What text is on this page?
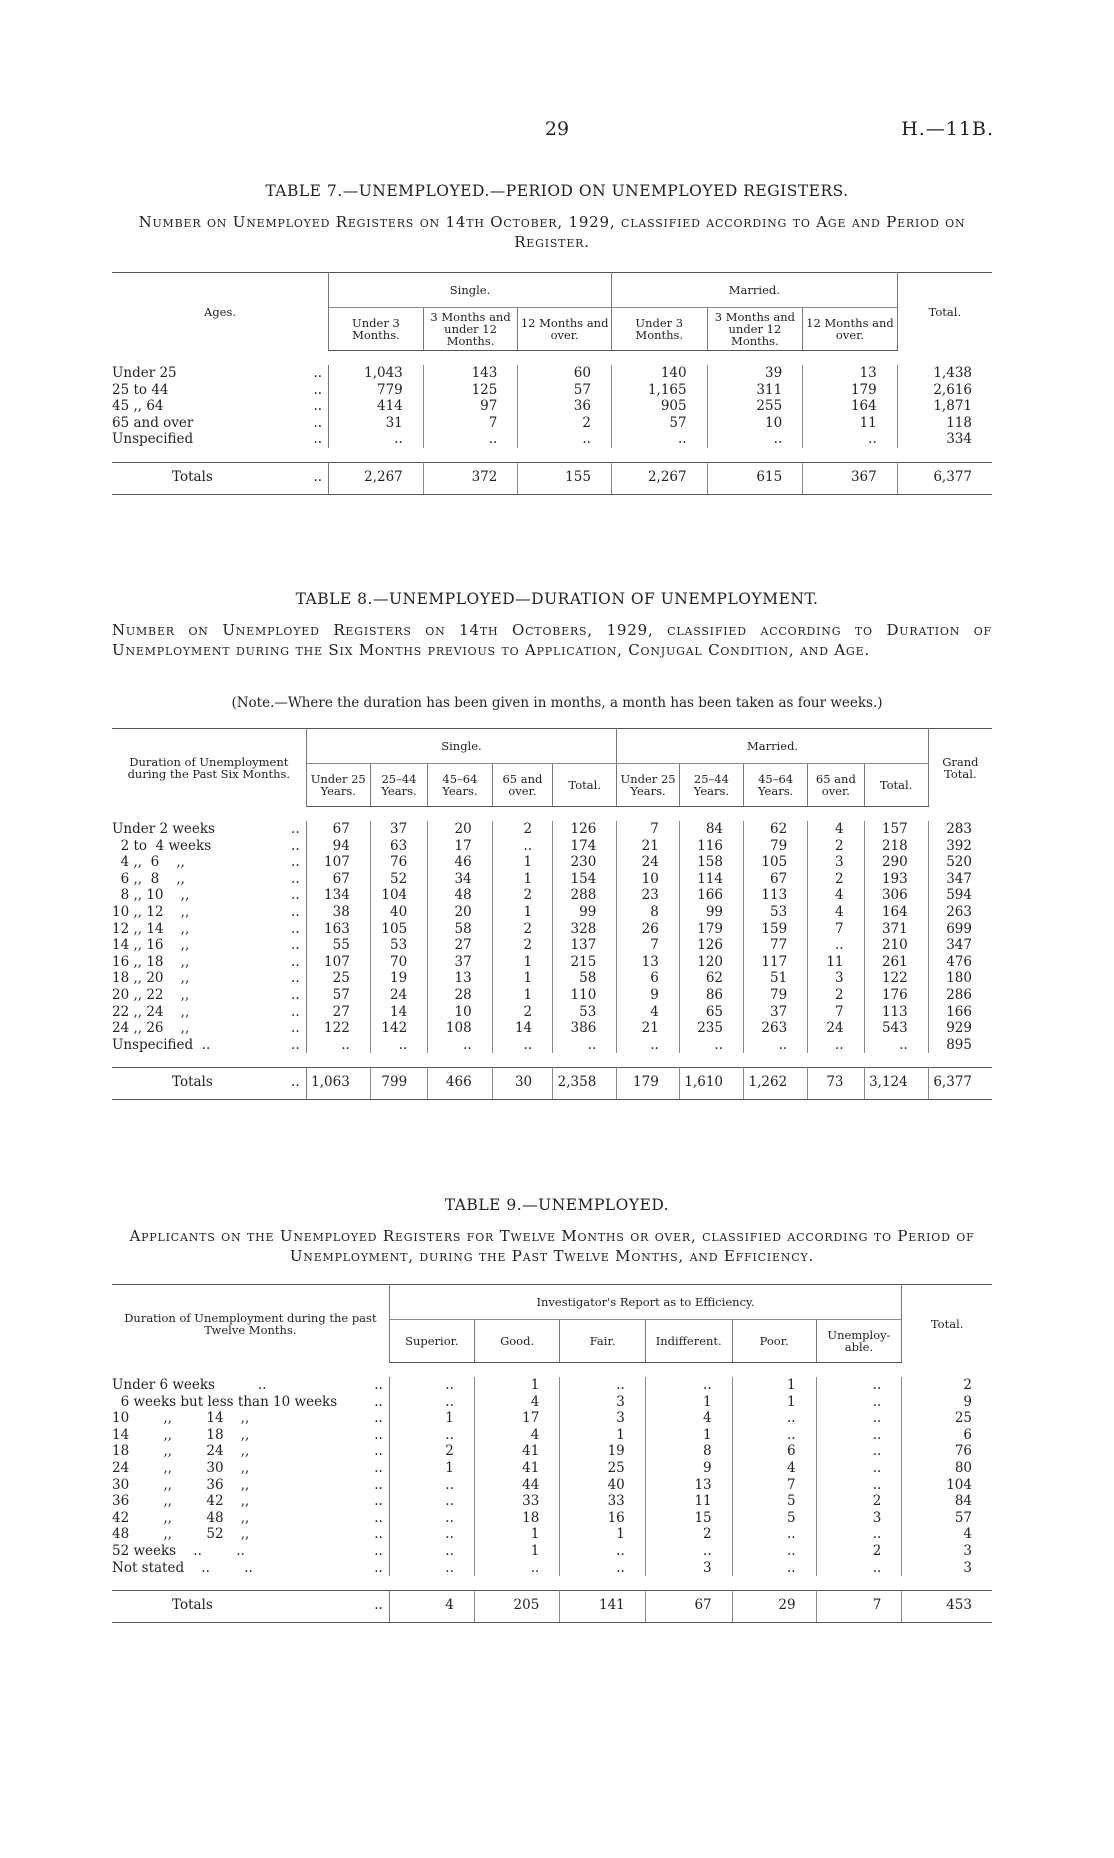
29	H.—11B.
TABLE 7.—UNEMPLOYED.—PERIOD ON UNEMPLOYED REGISTERS.
Number on Unemployed Registers on 14th October, 1929, classified according to Age and Period on Register.
Ages.		Single.			Married.			Total.
		Under 3 Months.	3 Months and under 12 Months.	12 Months and over.	Under 3 Months.	3 Months and under 12 Months.	12 Months and over.	

Under 25	..	1,043	143	60	140	39	13	1,438
25 to 44	..	779	125	57	1,165	311	179	2,616
45 ,, 64	..	414	97	36	905	255	164	1,871
65 and over	..	31	7	2	57	10	11	118
Unspecified	..	..	..	..	..	..	..	334

Totals	..	2,267	372	155	2,267	615	367	6,377
TABLE 8.—UNEMPLOYED—DURATION OF UNEMPLOYMENT.
Number on Unemployed Registers on 14th Octobers, 1929, classified according to Duration of Unemployment during the Six Months previous to Application, Conjugal Condition, and Age.
(Note.—Where the duration has been given in months, a month has been taken as four weeks.)
Duration of Unemployment during the Past Six Months.		Single.					Married.					Grand Total.
		Under 25 Years.	25–44 Years.	45–64 Years.	65 and over.	Total.	Under 25 Years.	25–44 Years.	45–64 Years.	65 and over.	Total.	

Under 2 weeks	..	67	37	20	2	126	7	84	62	4	157	283
2 to  4 weeks	..	94	63	17	..	174	21	116	79	2	218	392
4 ,,  6    ,,	..	107	76	46	1	230	24	158	105	3	290	520
6 ,,  8    ,,	..	67	52	34	1	154	10	114	67	2	193	347
8 ,, 10    ,,	..	134	104	48	2	288	23	166	113	4	306	594
10 ,, 12    ,,	..	38	40	20	1	99	8	99	53	4	164	263
12 ,, 14    ,,	..	163	105	58	2	328	26	179	159	7	371	699
14 ,, 16    ,,	..	55	53	27	2	137	7	126	77	..	210	347
16 ,, 18    ,,	..	107	70	37	1	215	13	120	117	11	261	476
18 ,, 20    ,,	..	25	19	13	1	58	6	62	51	3	122	180
20 ,, 22    ,,	..	57	24	28	1	110	9	86	79	2	176	286
22 ,, 24    ,,	..	27	14	10	2	53	4	65	37	7	113	166
24 ,, 26    ,,	..	122	142	108	14	386	21	235	263	24	543	929
Unspecified  ..	..	..	..	..	..	..	..	..	..	..	..	895

Totals	..	1,063	799	466	30	2,358	179	1,610	1,262	73	3,124	6,377
TABLE 9.—UNEMPLOYED.
Applicants on the Unemployed Registers for Twelve Months or over, classified according to Period of Unemployment, during the Past Twelve Months, and Efficiency.
Duration of Unemployment during the past Twelve Months.		Investigator's Report as to Efficiency.						Total.
		Superior.	Good.	Fair.	Indifferent.	Poor.	Unemploy-able.	

Under 6 weeks          ..	..	..	1	..	..	1	..	2
6 weeks but less than 10 weeks	..	..	4	3	1	1	..	9
10        ,,        14    ,,	..	1	17	3	4	..	..	25
14        ,,        18    ,,	..	..	4	1	1	..	..	6
18        ,,        24    ,,	..	2	41	19	8	6	..	76
24        ,,        30    ,,	..	1	41	25	9	4	..	80
30        ,,        36    ,,	..	..	44	40	13	7	..	104
36        ,,        42    ,,	..	..	33	33	11	5	2	84
42        ,,        48    ,,	..	..	18	16	15	5	3	57
48        ,,        52    ,,	..	..	1	1	2	..	..	4
52 weeks    ..        ..	..	..	1	..	..	..	2	3
Not stated    ..        ..	..	..	..	..	3	..	..	3

Totals	..	4	205	141	67	29	7	453
